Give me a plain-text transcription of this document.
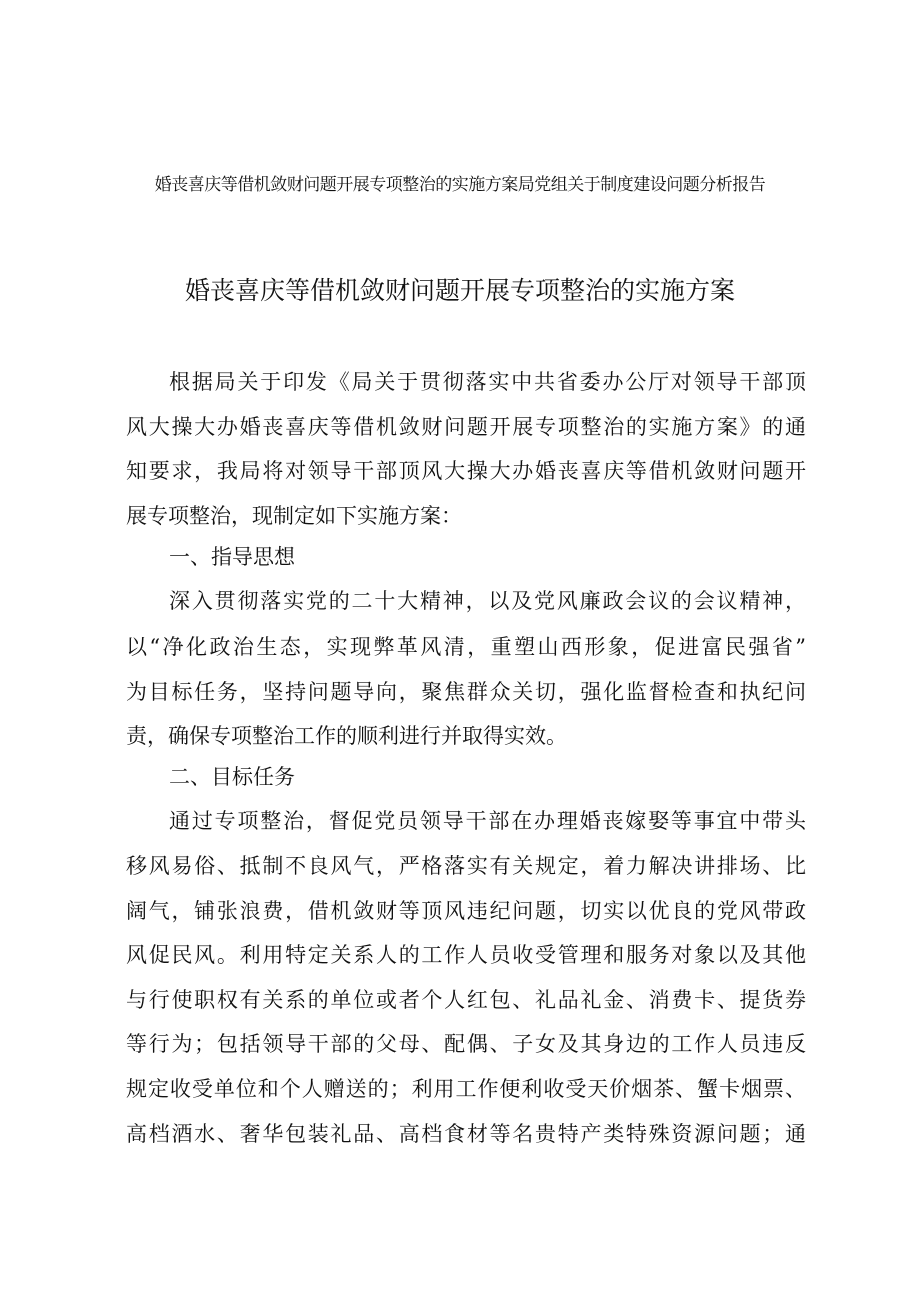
婚丧喜庆等借机敛财问题开展专项整治的实施方案局党组关于制度建设问题分析报告
婚丧喜庆等借机敛财问题开展专项整治的实施方案
根据局关于印发《局关于贯彻落实中共省委办公厅对领导干部顶
风大操大办婚丧喜庆等借机敛财问题开展专项整治的实施方案》的通
知要求，我局将对领导干部顶风大操大办婚丧喜庆等借机敛财问题开
展专项整治，现制定如下实施方案：
一、指导思想
深入贯彻落实党的二十大精神，以及党风廉政会议的会议精神，
以“净化政治生态，实现弊革风清，重塑山西形象，促进富民强省”
为目标任务，坚持问题导向，聚焦群众关切，强化监督检查和执纪问
责，确保专项整治工作的顺利进行并取得实效。
二、目标任务
通过专项整治，督促党员领导干部在办理婚丧嫁娶等事宜中带头
移风易俗、抵制不良风气，严格落实有关规定，着力解决讲排场、比
阔气，铺张浪费，借机敛财等顶风违纪问题，切实以优良的党风带政
风促民风。利用特定关系人的工作人员收受管理和服务对象以及其他
与行使职权有关系的单位或者个人红包、礼品礼金、消费卡、提货券
等行为；包括领导干部的父母、配偶、子女及其身边的工作人员违反
规定收受单位和个人赠送的；利用工作便利收受天价烟茶、蟹卡烟票、
高档酒水、奢华包装礼品、高档食材等名贵特产类特殊资源问题；通
